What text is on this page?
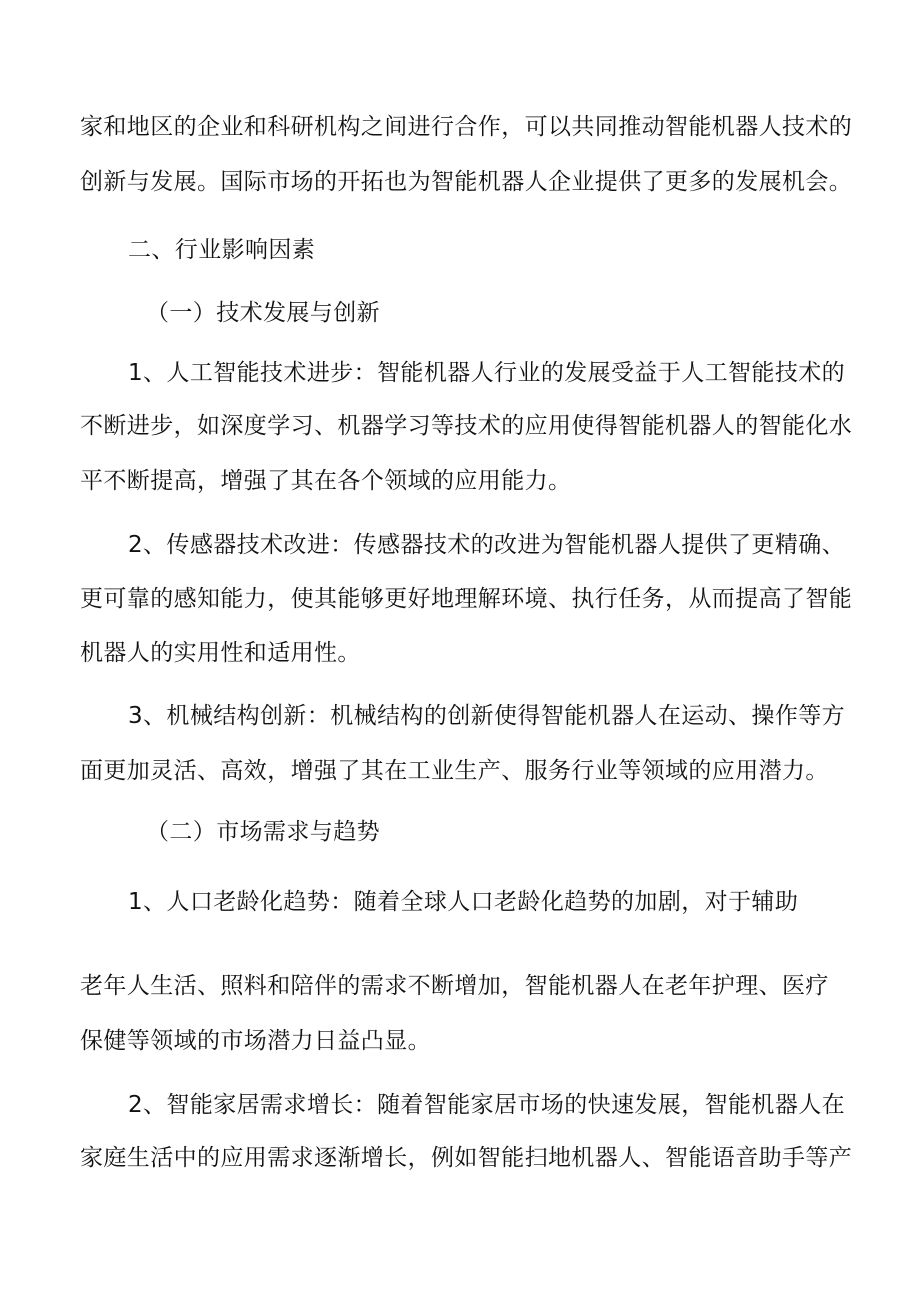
家和地区的企业和科研机构之间进行合作，可以共同推动智能机器人技术的

创新与发展。国际市场的开拓也为智能机器人企业提供了更多的发展机会。

二、行业影响因素

（一）技术发展与创新

1、人工智能技术进步：智能机器人行业的发展受益于人工智能技术的

不断进步，如深度学习、机器学习等技术的应用使得智能机器人的智能化水

平不断提高，增强了其在各个领域的应用能力。

2、传感器技术改进：传感器技术的改进为智能机器人提供了更精确、

更可靠的感知能力，使其能够更好地理解环境、执行任务，从而提高了智能

机器人的实用性和适用性。

3、机械结构创新：机械结构的创新使得智能机器人在运动、操作等方

面更加灵活、高效，增强了其在工业生产、服务行业等领域的应用潜力。

（二）市场需求与趋势

1、人口老龄化趋势：随着全球人口老龄化趋势的加剧，对于辅助

老年人生活、照料和陪伴的需求不断增加，智能机器人在老年护理、医疗

保健等领域的市场潜力日益凸显。

2、智能家居需求增长：随着智能家居市场的快速发展，智能机器人在

家庭生活中的应用需求逐渐增长，例如智能扫地机器人、智能语音助手等产
